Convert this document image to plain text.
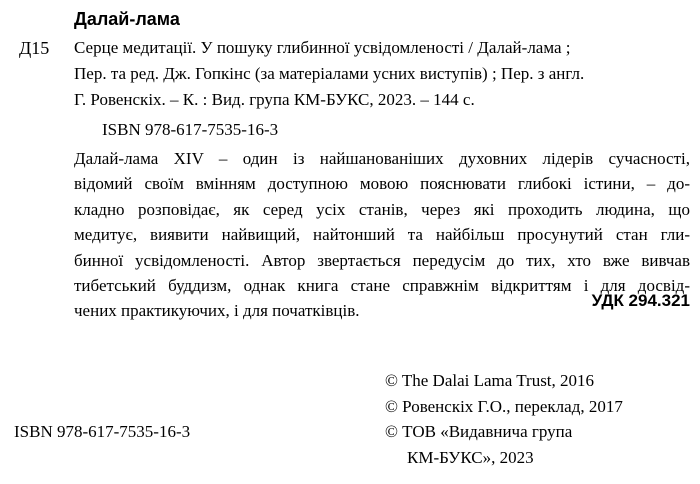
Далай-лама
Д15 Серце медитації. У пошуку глибинної усвідомленості / Далай-лама ;
Пер. та ред. Дж. Гопкінс (за матеріалами усних виступів) ; Пер. з англ.
Г. Ровенскіх. – К. : Вид. група КМ-БУКС, 2023. – 144 с.
ISBN 978-617-7535-16-3
Далай-лама XIV – один із найшанованіших духовних лідерів сучасності,
відомий своїм вмінням доступною мовою пояснювати глибокі істини, – до-
кладно розповідає, як серед усіх станів, через які проходить людина, що
медитує, виявити найвищий, найтонший та найбільш просунутий стан гли-
бинної усвідомленості. Автор звертається передусім до тих, хто вже вивчав
тибетський буддизм, однак книга стане справжнім відкриттям і для досвід-
чених практикуючих, і для початківців.
УДК 294.321
© The Dalai Lama Trust, 2016
© Ровенскіх Г.О., переклад, 2017
© ТОВ «Видавнича група
КМ-БУКС», 2023
ISBN 978-617-7535-16-3
